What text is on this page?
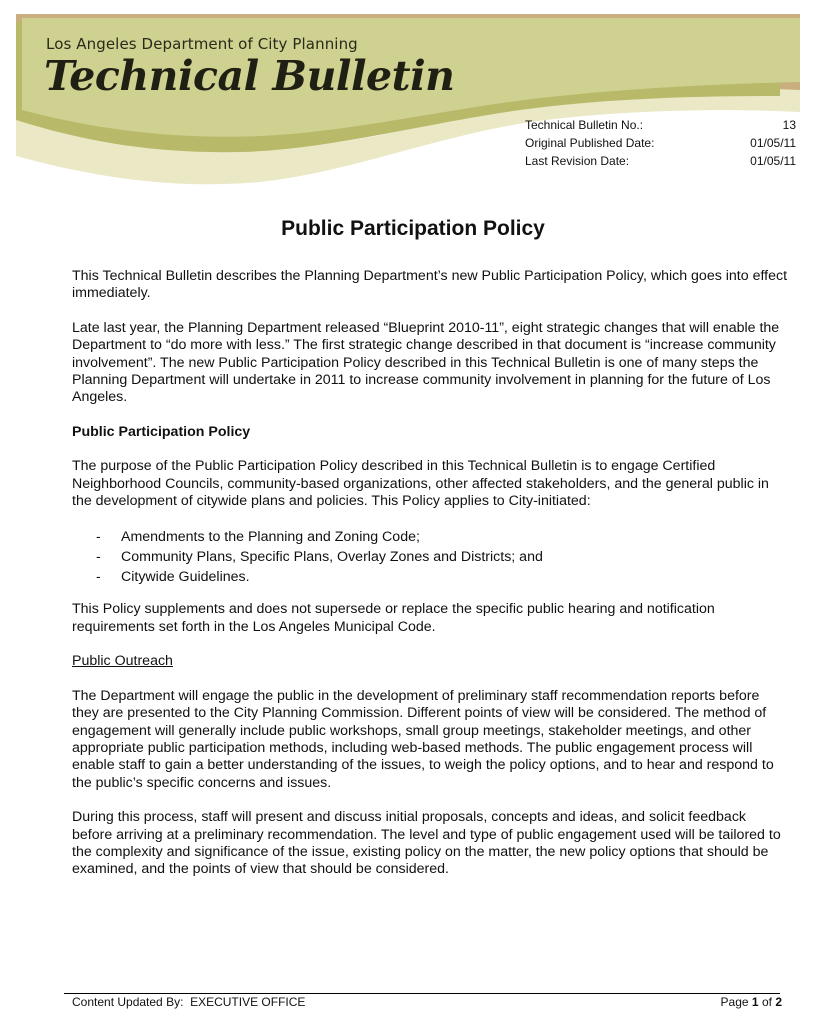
Los Angeles Department of City Planning
Technical Bulletin
Technical Bulletin No.:	13
Original Published Date:	01/05/11
Last Revision Date:	01/05/11
Public Participation Policy

This Technical Bulletin describes the Planning Department’s new Public Participation Policy, which goes into effect immediately.

Late last year, the Planning Department released “Blueprint 2010-11”, eight strategic changes that will enable the Department to “do more with less.” The first strategic change described in that document is “increase community involvement”. The new Public Participation Policy described in this Technical Bulletin is one of many steps the Planning Department will undertake in 2011 to increase community involvement in planning for the future of Los Angeles.

Public Participation Policy

The purpose of the Public Participation Policy described in this Technical Bulletin is to engage Certified Neighborhood Councils, community-based organizations, other affected stakeholders, and the general public in the development of citywide plans and policies. This Policy applies to City-initiated:

- Amendments to the Planning and Zoning Code;
- Community Plans, Specific Plans, Overlay Zones and Districts; and
- Citywide Guidelines.

This Policy supplements and does not supersede or replace the specific public hearing and notification requirements set forth in the Los Angeles Municipal Code.

Public Outreach

The Department will engage the public in the development of preliminary staff recommendation reports before they are presented to the City Planning Commission. Different points of view will be considered. The method of engagement will generally include public workshops, small group meetings, stakeholder meetings, and other appropriate public participation methods, including web-based methods. The public engagement process will enable staff to gain a better understanding of the issues, to weigh the policy options, and to hear and respond to the public’s specific concerns and issues.

During this process, staff will present and discuss initial proposals, concepts and ideas, and solicit feedback before arriving at a preliminary recommendation. The level and type of public engagement used will be tailored to the complexity and significance of the issue, existing policy on the matter, the new policy options that should be examined, and the points of view that should be considered.

Content Updated By: EXECUTIVE OFFICE	Page 1 of 2
